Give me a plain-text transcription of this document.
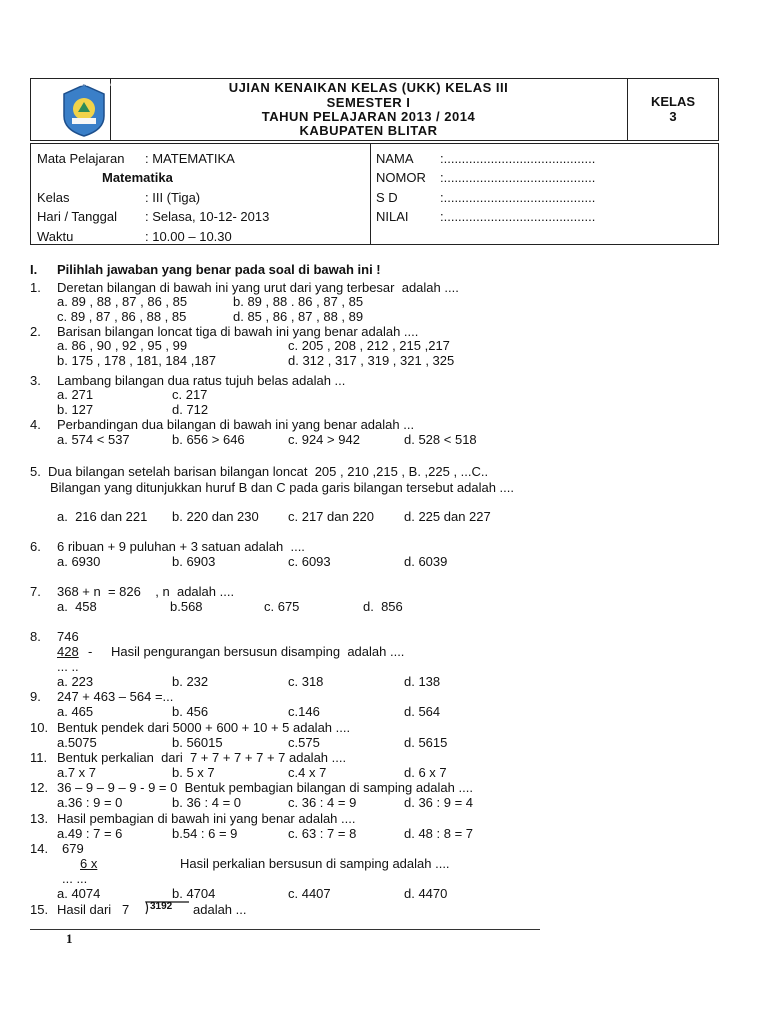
TUT WURI HANDAYANI	UJIAN KENAIKAN KELAS (UKK) KELAS III
SEMESTER I
TAHUN PELAJARAN 2013 / 2014
KABUPATEN BLITAR
KELAS
3
Mata Pelajaran : MATEMATIKA
Matematika
Kelas	: III (Tiga)
Hari / Tanggal : Selasa, 10-12- 2013
Waktu	: 10.00 – 10.30
NAMA :..........................................
NOMOR :..........................................
S D	:..........................................
NILAI :..........................................
I. Pilihlah jawaban yang benar pada soal di bawah ini !
1. Deretan bilangan di bawah ini yang urut dari yang terbesar  adalah ....
a. 89 , 88 , 87 , 86 , 85	b. 89 , 88 . 86 , 87 , 85
c. 89 , 87 , 86 , 88 , 85	d. 85 , 86 , 87 , 88 , 89
2. Barisan bilangan loncat tiga di bawah ini yang benar adalah ....
a. 86 , 90 , 92 , 95 , 99	c. 205 , 208 , 212 , 215 ,217
b. 175 , 178 , 181, 184 ,187	d. 312 , 317 , 319 , 321 , 325
3. Lambang bilangan dua ratus tujuh belas adalah ...
a. 271	c. 217
b. 127	d. 712
4. Perbandingan dua bilangan di bawah ini yang benar adalah ...
a. 574 < 537	b. 656 > 646	c. 924 > 942	d. 528 < 518
5. Dua bilangan setelah barisan bilangan loncat  205 , 210 ,215 , B. ,225 , ...C..
Bilangan yang ditunjukkan huruf B dan C pada garis bilangan tersebut adalah ....
a.  216 dan 221 b. 220 dan 230 c. 217 dan 220 d. 225 dan 227
6. 6 ribuan + 9 puluhan + 3 satuan adalah  ....
a. 6930	b. 6903	c. 6093	d. 6039
7. 368 + n  = 826    , n  adalah ....
a.  458	b.568	c. 675	d.  856
8. 746
428 - Hasil pengurangan bersusun disamping  adalah ....
... ..
a. 223	b. 232	c. 318	d. 138
9. 247 + 463 – 564 =...
a. 465	b. 456	c.146	d. 564
10. Bentuk pendek dari 5000 + 600 + 10 + 5 adalah ....
a.5075	b. 56015	c.575	d. 5615
11. Bentuk perkalian  dari  7 + 7 + 7 + 7 + 7 adalah ....
a.7 x 7	b. 5 x 7	c.4 x 7	d. 6 x 7
12. 36 – 9 – 9 – 9 - 9 = 0  Bentuk pembagian bilangan di samping adalah ....
a.36 : 9 = 0	b. 36 : 4 = 0	c. 36 : 4 = 9	d. 36 : 9 = 4
13. Hasil pembagian di bawah ini yang benar adalah ....
a.49 : 7 = 6	b.54 : 6 = 9	c. 63 : 7 = 8	d. 48 : 8 = 7
14. 679
6 x	Hasil perkalian bersusun di samping adalah ....
... ...
a. 4074	b. 4704	c. 4407	d. 4470
15. Hasil dari   7 3192 adalah ...
1
